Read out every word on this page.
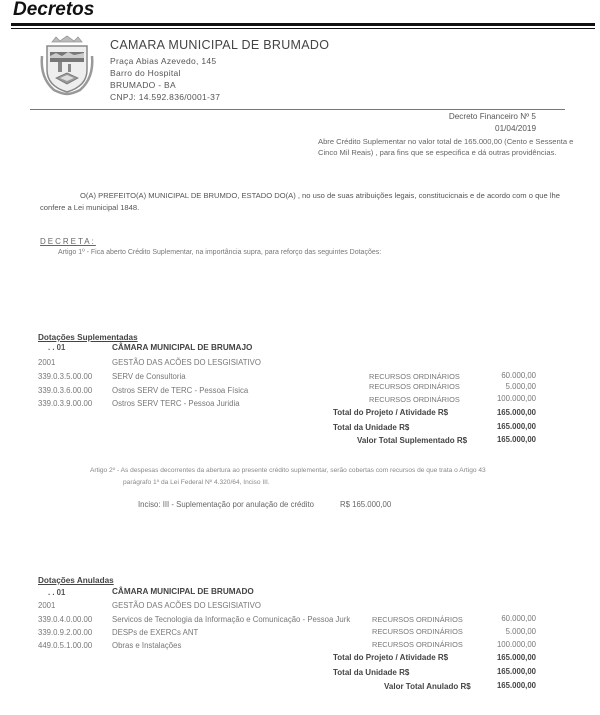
Decretos
CAMARA MUNICIPAL DE BRUMADO
Praça Abias Azevedo, 145
Barro do Hospital
BRUMADO - BA
CNPJ: 14.592.836/0001-37
Decreto Financeiro Nº 5
01/04/2019
Abre Crédito Suplementar no valor total de 165.000,00 (Cento e Sessenta e Cinco Mil Reais) , para fins que se especifica e dá outras providências.
O(A) PREFEITO(A) MUNICIPAL DE BRUMDO, ESTADO DO(A) , no uso de suas atribuições legais, constitucicnais e de acordo com o que lhe confere a Lei municipal 1848.
DECRETA:
Artigo 1º - Fica aberto Crédito Suplementar, na importância supra, para reforço das seguintes Dotações:
Dotações Suplementadas
. . 01	CÂMARA MUNICIPAL DE BRUMAJO
2001	GESTÃO DAS ACÕES DO LESGISIATIVO
339.0.3.5.00.00	SERV de Consultoria	RECURSOS ORDINÁRIOS	60.000,00
339.0.3.6.00.00	Ostros SERV de TERC - Pessoa Física	RECURSOS ORDINÁRIOS	5.000,00
339.0.3.9.00.00	Ostros SERV TERC - Pessoa Juridia	RECURSOS ORDINÁRIOS	100.000,00
Total do Projeto / Atividade R$	165.000,00
Total da Unidade R$	165.000,00
Valor Total Suplementado R$	165.000,00
Artigo 2º - As despesas decorrentes da abertura ao presente crédito suplementar, serão cobertas com recursos de que trata o Artigo 43
parágrafo 1º da Lei Federal Nº 4.320/64, Inciso III.
Inciso: III - Suplementação por anulação de crédito	R$ 165.000,00
Dotações Anuladas
. . 01	CÂMARA MUNICIPAL DE BRUMADO
2001	GESTÃO DAS ACÕES DO LESGISIATIVO
339.0.4.0.00.00	Servicos de Tecnologia da Informação e Comunicação - Pessoa Jurk	RECURSOS ORDINÁRIOS	60.000,00
339.0.9.2.00.00	DESPs de EXERCs ANT	RECURSOS ORDINÁRIOS	5.000,00
449.0.5.1.00.00	Obras e Instalações	RECURSOS ORDINÁRIOS	100.000,00
Total do Projeto / Atividade R$	165.000,00
Total da Unidade R$	165.000,00
Valor Total Anulado R$	165.000,00
